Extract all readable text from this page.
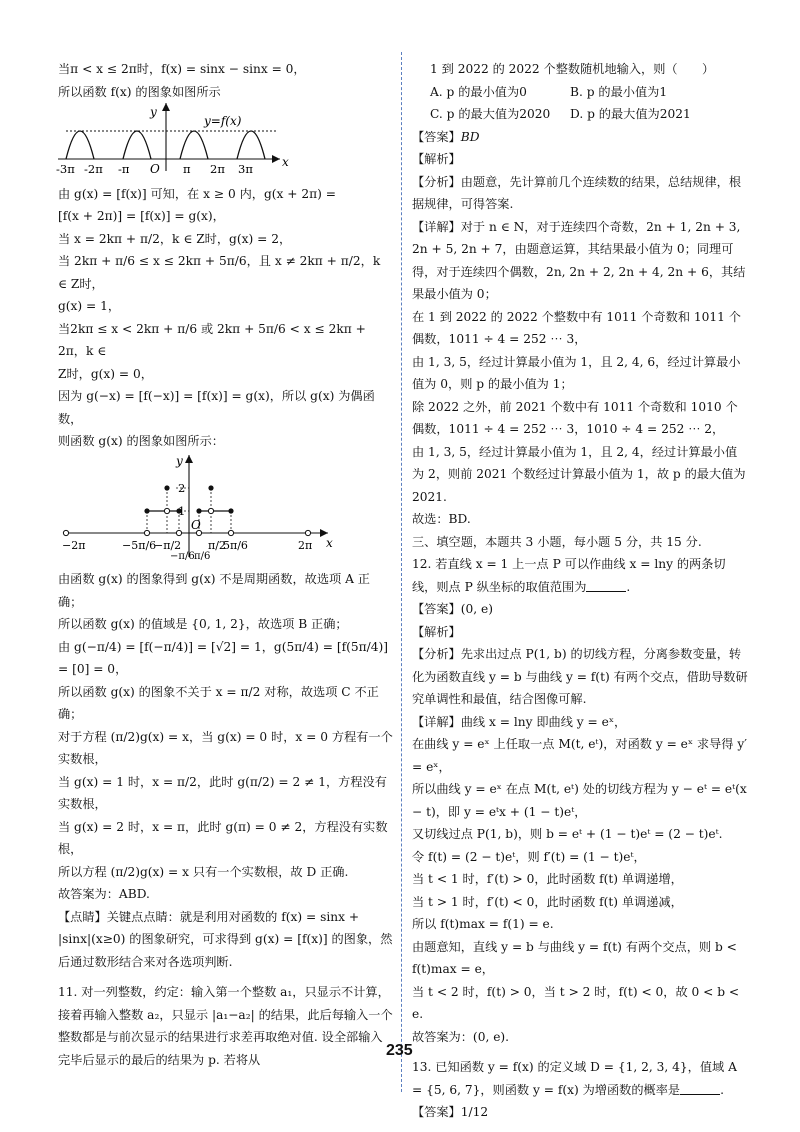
当π < x ≤ 2π时，f(x) = sinx − sinx = 0，

所以函数 f(x) 的图象如图所示

y=f(x)
y
x
O
-3π -2π -π	π 2π 3π

由 g(x) = [f(x)] 可知，在 x ≥ 0 内，g(x + 2π) =

[f(x + 2π)] = [f(x)] = g(x)，

当 x = 2kπ + π/2，k ∈ Z时，g(x) = 2，

当 2kπ + π/6 ≤ x ≤ 2kπ + 5π/6，且 x ≠ 2kπ + π/2，k ∈ Z时，

g(x) = 1，

当2kπ ≤ x < 2kπ + π/6 或 2kπ + 5π/6 < x ≤ 2kπ + 2π，k ∈

Z时，g(x) = 0，

因为 g(−x) = [f(−x)] = [f(x)] = g(x)，所以 g(x) 为偶函数，

则函数 g(x) 的图象如图所示：

y
x
O
2
1
−2π	−5π/6
−π/2
−π/6 π/6
π/2
5π/6	2π

由函数 g(x) 的图象得到 g(x) 不是周期函数，故选项 A 正确；

所以函数 g(x) 的值域是 {0, 1, 2}，故选项 B 正确；

由 g(−π/4) = [f(−π/4)] = [√2] = 1，g(5π/4) = [f(5π/4)] = [0] = 0，

所以函数 g(x) 的图象不关于 x = π/2 对称，故选项 C 不正确；

对于方程 (π/2)g(x) = x，当 g(x) = 0 时，x = 0 方程有一个实数根，

当 g(x) = 1 时，x = π/2，此时 g(π/2) = 2 ≠ 1，方程没有实数根，

当 g(x) = 2 时，x = π，此时 g(π) = 0 ≠ 2，方程没有实数根，

所以方程 (π/2)g(x) = x 只有一个实数根，故 D 正确.

故答案为：ABD.

【点睛】关键点点睛：就是利用对函数的 f(x) = sinx + |sinx|(x≥0) 的图象研究，可求得到 g(x) = [f(x)] 的图象，然后通过数形结合来对各选项判断.

11. 对一列整数，约定：输入第一个整数 a₁，只显示不计算，接着再输入整数 a₂，只显示 |a₁−a₂| 的结果，此后每输入一个整数都是与前次显示的结果进行求差再取绝对值. 设全部输入完毕后显示的最后的结果为 p. 若将从

1 到 2022 的 2022 个整数随机地输入，则（　　）

A. p 的最小值为0	B. p 的最小值为1

C. p 的最大值为2020 D. p 的最大值为2021

【答案】BD

【解析】

【分析】由题意，先计算前几个连续数的结果，总结规律，根据规律，可得答案.

【详解】对于 n ∈ N，对于连续四个奇数，2n + 1, 2n + 3, 2n + 5, 2n + 7，由题意运算，其结果最小值为 0；同理可得，对于连续四个偶数，2n, 2n + 2, 2n + 4, 2n + 6，其结果最小值为 0；

在 1 到 2022 的 2022 个整数中有 1011 个奇数和 1011 个偶数，1011 ÷ 4 = 252 ⋯ 3，

由 1, 3, 5，经过计算最小值为 1，且 2, 4, 6，经过计算最小值为 0，则 p 的最小值为 1；

除 2022 之外，前 2021 个数中有 1011 个奇数和 1010 个偶数，1011 ÷ 4 = 252 ⋯ 3，1010 ÷ 4 = 252 ⋯ 2，

由 1, 3, 5，经过计算最小值为 1，且 2, 4，经过计算最小值为 2，则前 2021 个数经过计算最小值为 1，故 p 的最大值为 2021.

故选：BD.

三、填空题，本题共 3 小题，每小题 5 分，共 15 分.

12. 若直线 x = 1 上一点 P 可以作曲线 x = lny 的两条切线，则点 P 纵坐标的取值范围为	.

【答案】(0, e)

【解析】

【分析】先求出过点 P(1, b) 的切线方程，分离参数变量，转化为函数直线 y = b 与曲线 y = f(t) 有两个交点，借助导数研究单调性和最值，结合图像可解.

【详解】曲线 x = lny 即曲线 y = eˣ，

在曲线 y = eˣ 上任取一点 M(t, eᵗ)，对函数 y = eˣ 求导得 y′ = eˣ，

所以曲线 y = eˣ 在点 M(t, eᵗ) 处的切线方程为 y − eᵗ = eᵗ(x − t)，即 y = eᵗx + (1 − t)eᵗ，

又切线过点 P(1, b)，则 b = eᵗ + (1 − t)eᵗ = (2 − t)eᵗ.

令 f(t) = (2 − t)eᵗ，则 f′(t) = (1 − t)eᵗ，

当 t < 1 时，f′(t) > 0，此时函数 f(t) 单调递增，

当 t > 1 时，f′(t) < 0，此时函数 f(t) 单调递减，

所以 f(t)max = f(1) = e.

由题意知，直线 y = b 与曲线 y = f(t) 有两个交点，则 b < f(t)max = e，

当 t < 2 时，f(t) > 0，当 t > 2 时，f(t) < 0，故 0 < b < e.

故答案为：(0, e).

13. 已知函数 y = f(x) 的定义域 D = {1, 2, 3, 4}，值域 A = {5, 6, 7}，则函数 y = f(x) 为增函数的概率是	.

【答案】1/12

235
